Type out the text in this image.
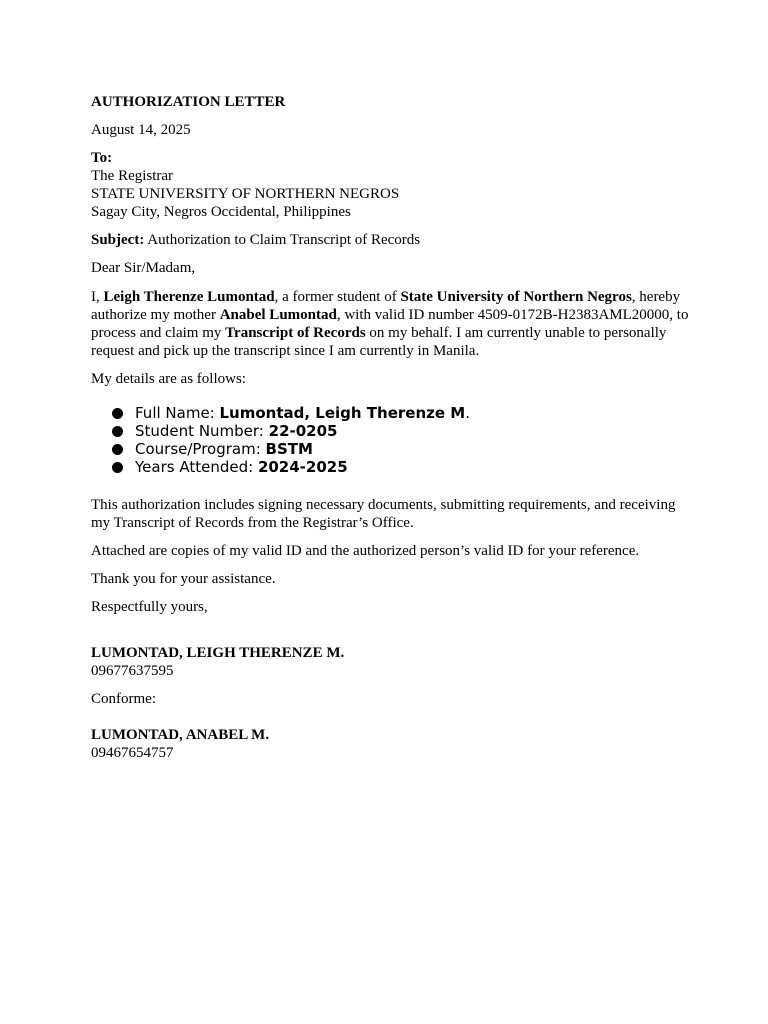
AUTHORIZATION LETTER

August 14, 2025

To:

The Registrar

STATE UNIVERSITY OF NORTHERN NEGROS

Sagay City, Negros Occidental, Philippines

Subject: Authorization to Claim Transcript of Records

Dear Sir/Madam,

I, Leigh Therenze Lumontad, a former student of State University of Northern Negros, hereby authorize my mother Anabel Lumontad, with valid ID number 4509-0172B-H2383AML20000, to process and claim my Transcript of Records on my behalf. I am currently unable to personally request and pick up the transcript since I am currently in Manila.

My details are as follows:

Full Name: Lumontad, Leigh Therenze M.
Student Number: 22-0205
Course/Program: BSTM
Years Attended: 2024-2025

This authorization includes signing necessary documents, submitting requirements, and receiving my Transcript of Records from the Registrar’s Office.

Attached are copies of my valid ID and the authorized person’s valid ID for your reference.

Thank you for your assistance.

Respectfully yours,

LUMONTAD, LEIGH THERENZE M.

09677637595

Conforme:

LUMONTAD, ANABEL M.

09467654757
